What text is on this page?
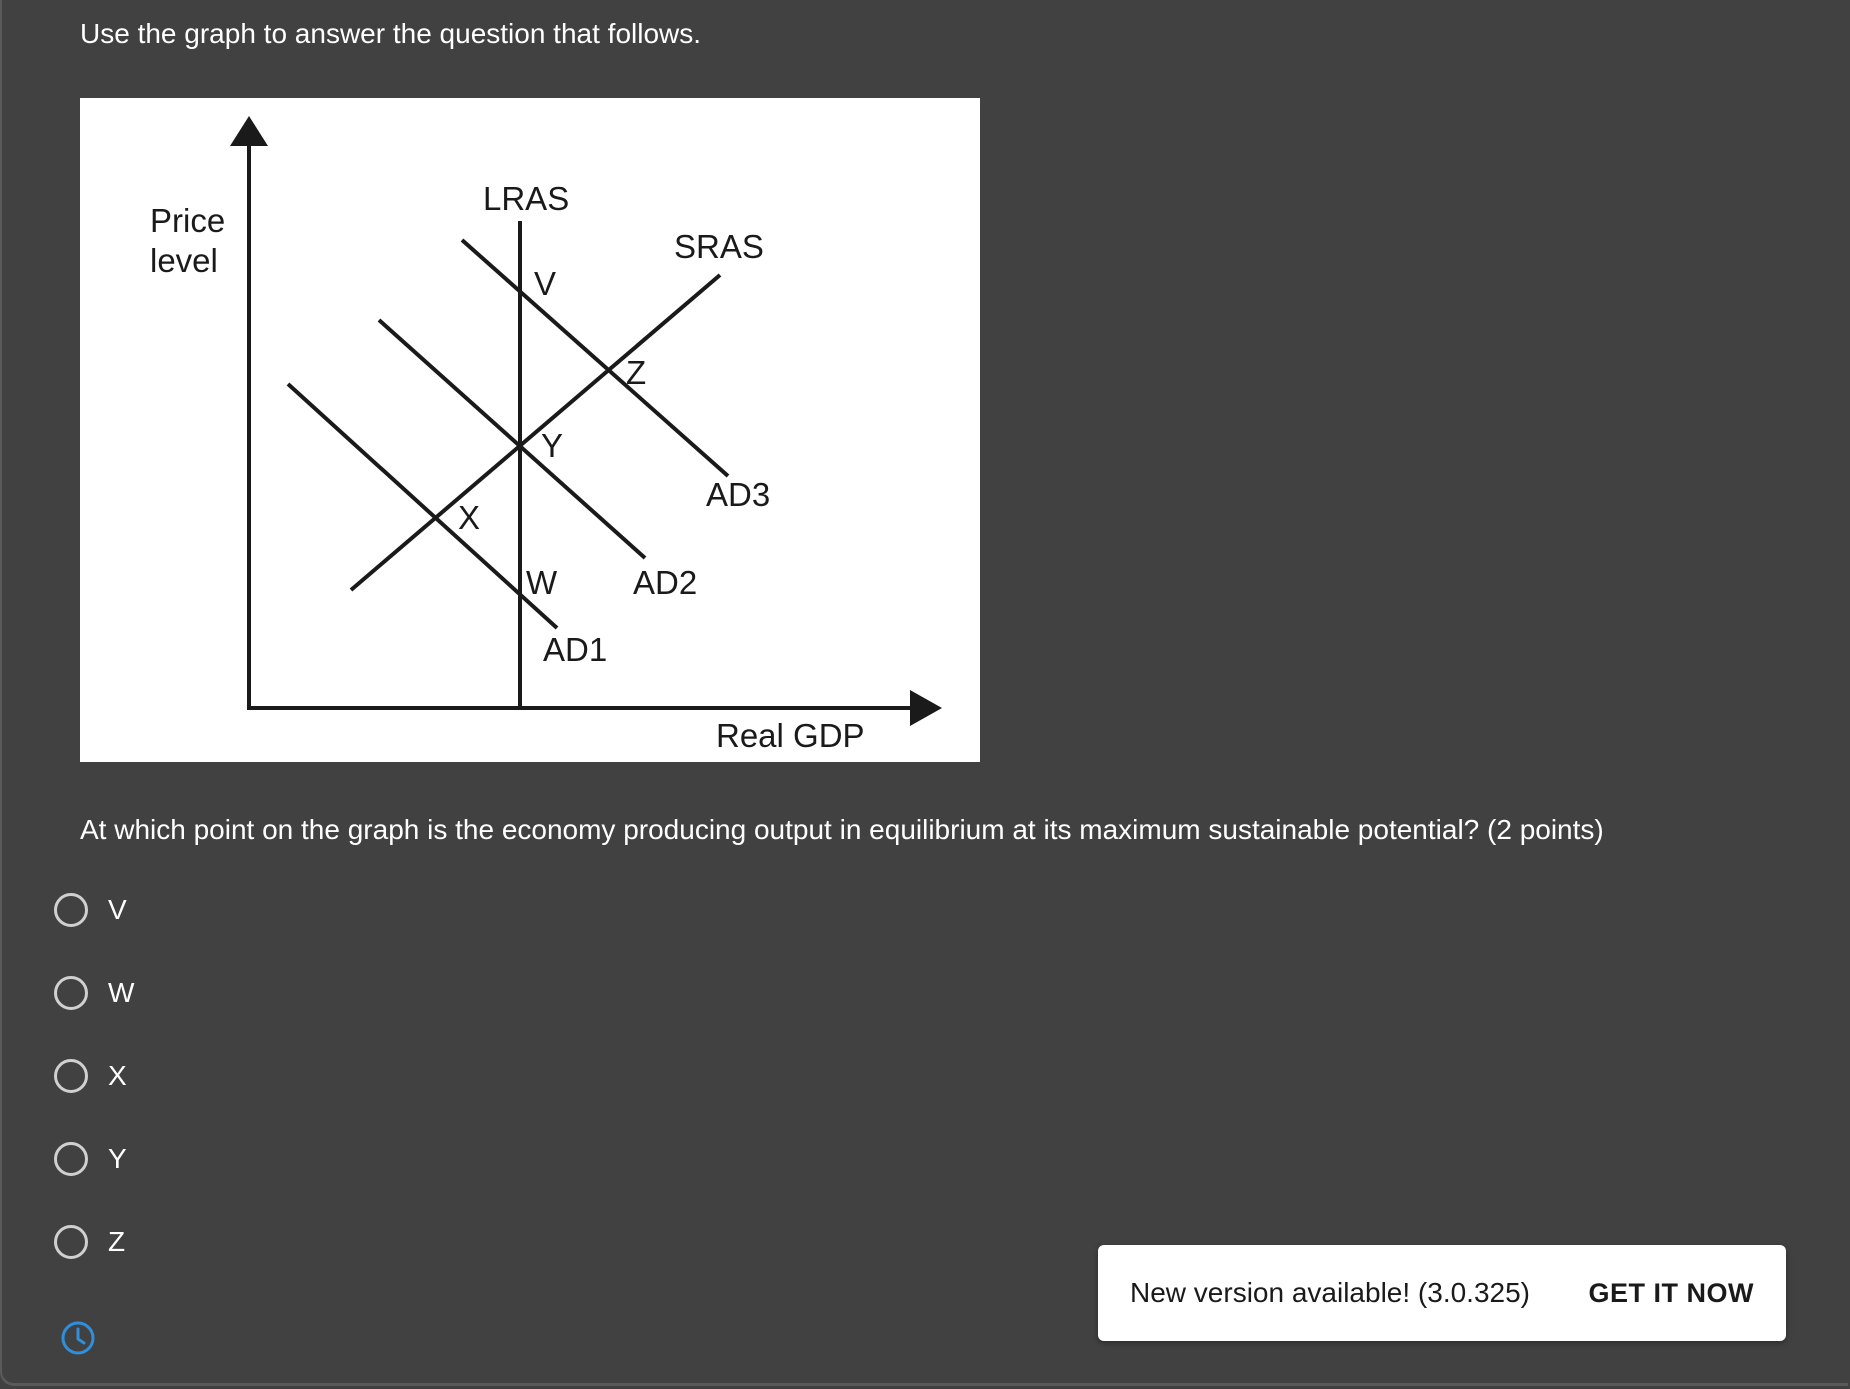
Use the graph to answer the question that follows.
Price
level
Real GDP
LRAS
SRAS
AD1
AD2
AD3
V
Z
Y
X
W
At which point on the graph is the economy producing output in equilibrium at its maximum sustainable potential? (2 points)
V
W
X
Y
Z
New version available! (3.0.325) GET IT NOW
